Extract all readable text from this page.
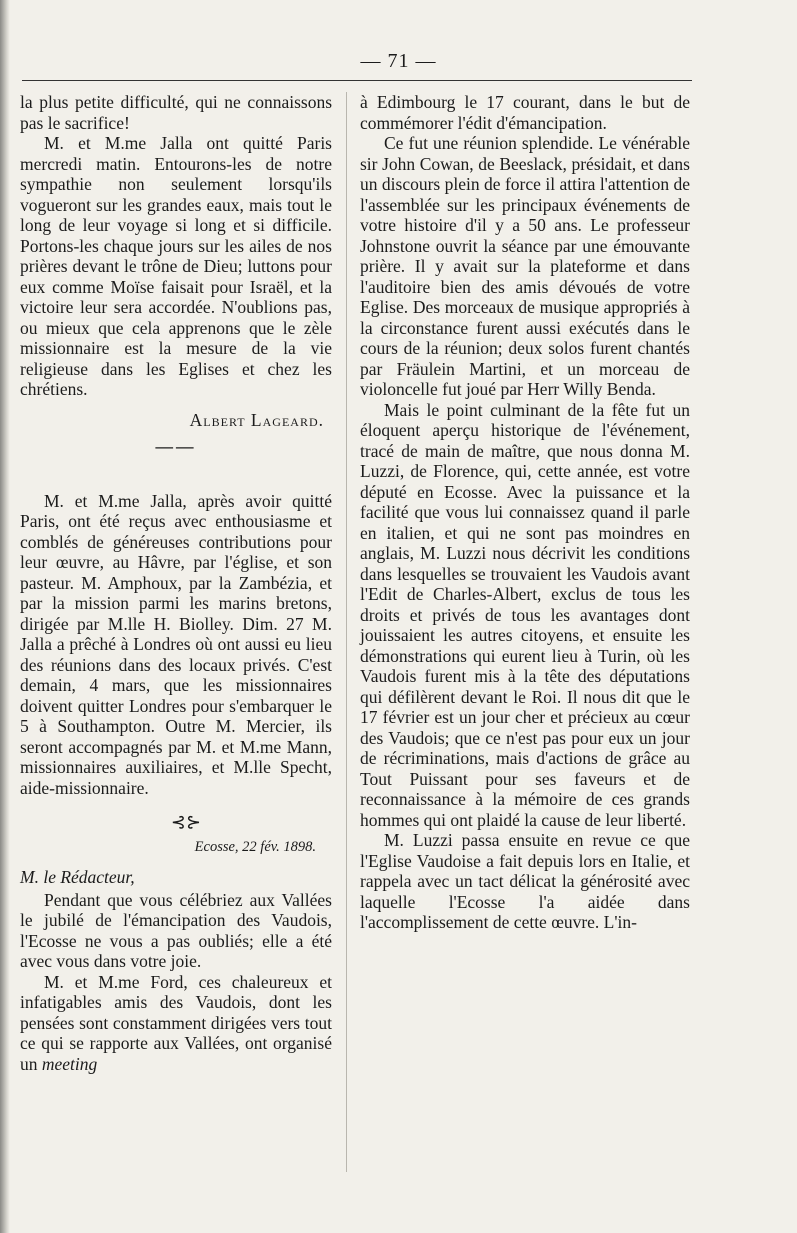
— 71 —

la plus petite difficulté, qui ne connaissons pas le sacrifice!

M. et M.me Jalla ont quitté Paris mercredi matin. Entourons-les de notre sympathie non seulement lorsqu'ils vogueront sur les grandes eaux, mais tout le long de leur voyage si long et si difficile. Portons-les chaque jours sur les ailes de nos prières devant le trône de Dieu; luttons pour eux comme Moïse faisait pour Israël, et la victoire leur sera accordée. N'oublions pas, ou mieux que cela apprenons que le zèle missionnaire est la mesure de la vie religieuse dans les Eglises et chez les chrétiens.

Albert Lageard.

——

M. et M.me Jalla, après avoir quitté Paris, ont été reçus avec enthousiasme et comblés de généreuses contributions pour leur œuvre, au Hâvre, par l'église, et son pasteur. M. Amphoux, par la Zambézia, et par la mission parmi les marins bretons, dirigée par M.lle H. Biolley. Dim. 27 M. Jalla a prêché à Londres où ont aussi eu lieu des réunions dans des locaux privés. C'est demain, 4 mars, que les missionnaires doivent quitter Londres pour s'embarquer le 5 à Southampton. Outre M. Mercier, ils seront accompagnés par M. et M.me Mann, missionnaires auxiliaires, et M.lle Specht, aide-missionnaire.

⊰⊱

Ecosse, 22 fév. 1898.

M. le Rédacteur,

Pendant que vous célébriez aux Vallées le jubilé de l'émancipation des Vaudois, l'Ecosse ne vous a pas oubliés; elle a été avec vous dans votre joie.

M. et M.me Ford, ces chaleureux et infatigables amis des Vaudois, dont les pensées sont constamment dirigées vers tout ce qui se rapporte aux Vallées, ont organisé un meeting

à Edimbourg le 17 courant, dans le but de commémorer l'édit d'émancipation.

Ce fut une réunion splendide. Le vénérable sir John Cowan, de Beeslack, présidait, et dans un discours plein de force il attira l'attention de l'assemblée sur les principaux événements de votre histoire d'il y a 50 ans. Le professeur Johnstone ouvrit la séance par une émouvante prière. Il y avait sur la plateforme et dans l'auditoire bien des amis dévoués de votre Eglise. Des morceaux de musique appropriés à la circonstance furent aussi exécutés dans le cours de la réunion; deux solos furent chantés par Fräulein Martini, et un morceau de violoncelle fut joué par Herr Willy Benda.

Mais le point culminant de la fête fut un éloquent aperçu historique de l'événement, tracé de main de maître, que nous donna M. Luzzi, de Florence, qui, cette année, est votre député en Ecosse. Avec la puissance et la facilité que vous lui connaissez quand il parle en italien, et qui ne sont pas moindres en anglais, M. Luzzi nous décrivit les conditions dans lesquelles se trouvaient les Vaudois avant l'Edit de Charles-Albert, exclus de tous les droits et privés de tous les avantages dont jouissaient les autres citoyens, et ensuite les démonstrations qui eurent lieu à Turin, où les Vaudois furent mis à la tête des députations qui défilèrent devant le Roi. Il nous dit que le 17 février est un jour cher et précieux au cœur des Vaudois; que ce n'est pas pour eux un jour de récriminations, mais d'actions de grâce au Tout Puissant pour ses faveurs et de reconnaissance à la mémoire de ces grands hommes qui ont plaidé la cause de leur liberté.

M. Luzzi passa ensuite en revue ce que l'Eglise Vaudoise a fait depuis lors en Italie, et rappela avec un tact délicat la générosité avec laquelle l'Ecosse l'a aidée dans l'accomplissement de cette œuvre. L'in-
